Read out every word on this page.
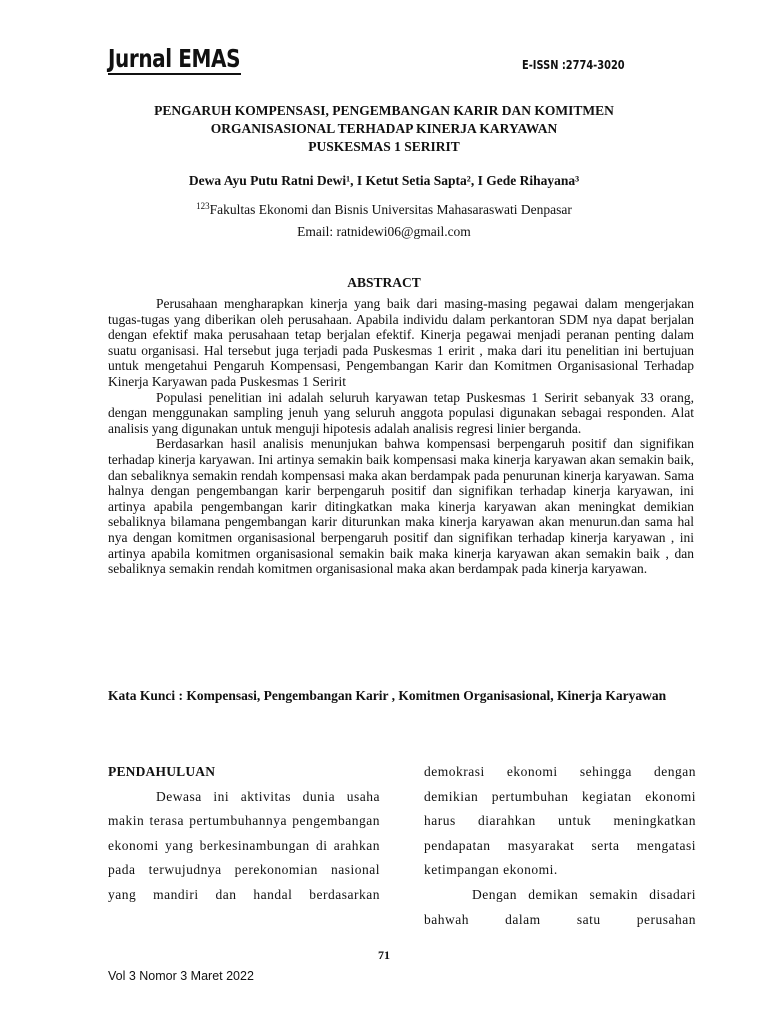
Jurnal EMAS	E-ISSN :2774-3020
PENGARUH KOMPENSASI, PENGEMBANGAN KARIR DAN KOMITMEN
ORGANISASIONAL TERHADAP KINERJA KARYAWAN
PUSKESMAS 1 SERIRIT
Dewa Ayu Putu Ratni Dewi¹, I Ketut Setia Sapta², I Gede Rihayana³
$^{123}$Fakultas Ekonomi dan Bisnis Universitas Mahasaraswati Denpasar
Email: ratnidewi06@gmail.com
ABSTRACT

Perusahaan mengharapkan kinerja yang baik dari masing-masing pegawai dalam mengerjakan tugas-tugas yang diberikan oleh perusahaan. Apabila individu dalam perkantoran SDM nya dapat berjalan dengan efektif maka perusahaan tetap berjalan efektif. Kinerja pegawai menjadi peranan penting dalam suatu organisasi. Hal tersebut juga terjadi pada Puskesmas 1 eririt , maka dari itu penelitian ini bertujuan untuk mengetahui Pengaruh Kompensasi, Pengembangan Karir dan Komitmen Organisasional Terhadap Kinerja Karyawan pada Puskesmas 1 Seririt

Populasi penelitian ini adalah seluruh karyawan tetap Puskesmas 1 Seririt sebanyak 33 orang, dengan menggunakan sampling jenuh yang seluruh anggota populasi digunakan sebagai responden. Alat analisis yang digunakan untuk menguji hipotesis adalah analisis regresi linier berganda.

Berdasarkan hasil analisis menunjukan bahwa kompensasi berpengaruh positif dan signifikan terhadap kinerja karyawan. Ini artinya semakin baik kompensasi maka kinerja karyawan akan semakin baik, dan sebaliknya semakin rendah kompensasi maka akan berdampak pada penurunan kinerja karyawan. Sama halnya dengan pengembangan karir berpengaruh positif dan signifikan terhadap kinerja karyawan, ini artinya apabila pengembangan karir ditingkatkan maka kinerja karyawan akan meningkat demikian sebaliknya bilamana pengembangan karir diturunkan maka kinerja karyawan akan menurun.dan sama hal nya dengan komitmen organisasional berpengaruh positif dan signifikan terhadap kinerja karyawan , ini artinya apabila komitmen organisasional semakin baik maka kinerja karyawan akan semakin baik , dan sebaliknya semakin rendah komitmen organisasional maka akan berdampak pada kinerja karyawan.

Kata Kunci : Kompensasi, Pengembangan Karir , Komitmen Organisasional, Kinerja Karyawan
PENDAHULUAN

Dewasa ini aktivitas dunia usaha makin terasa pertumbuhannya pengembangan ekonomi yang berkesinambungan di arahkan pada terwujudnya perekonomian nasional yang mandiri dan handal berdasarkan

demokrasi ekonomi sehingga dengan demikian pertumbuhan kegiatan ekonomi harus diarahkan untuk meningkatkan pendapatan masyarakat serta mengatasi ketimpangan ekonomi.

Dengan demikan semakin disadari bahwah dalam satu perusahan

71
Vol 3 Nomor 3 Maret 2022
